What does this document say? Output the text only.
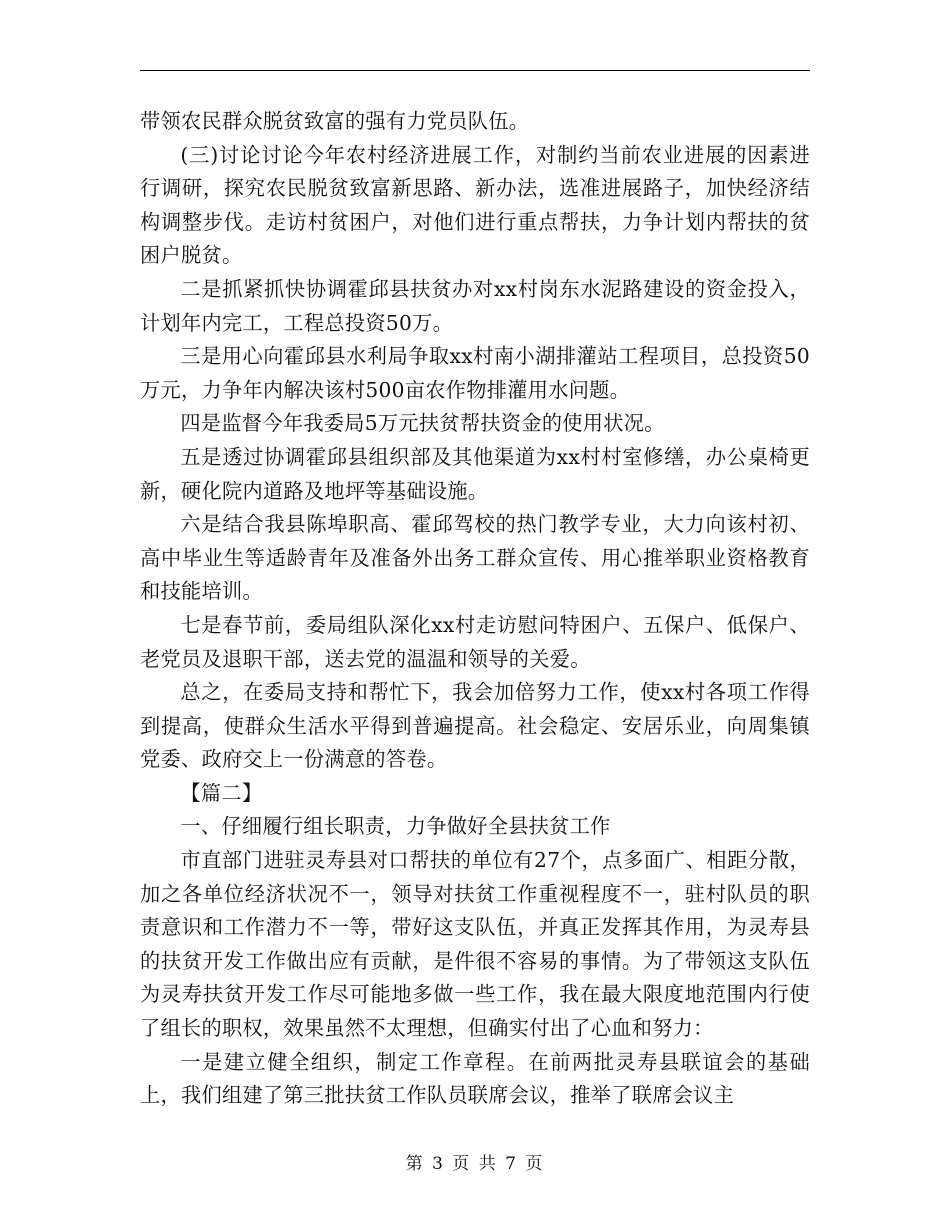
带领农民群众脱贫致富的强有力党员队伍。

(三)讨论讨论今年农村经济进展工作，对制约当前农业进展的因素进行调研，探究农民脱贫致富新思路、新办法，选准进展路子，加快经济结构调整步伐。走访村贫困户，对他们进行重点帮扶，力争计划内帮扶的贫困户脱贫。

二是抓紧抓快协调霍邱县扶贫办对xx村岗东水泥路建设的资金投入，计划年内完工，工程总投资50万。

三是用心向霍邱县水利局争取xx村南小湖排灌站工程项目，总投资50万元，力争年内解决该村500亩农作物排灌用水问题。

四是监督今年我委局5万元扶贫帮扶资金的使用状况。

五是透过协调霍邱县组织部及其他渠道为xx村村室修缮，办公桌椅更新，硬化院内道路及地坪等基础设施。

六是结合我县陈埠职高、霍邱驾校的热门教学专业，大力向该村初、高中毕业生等适龄青年及准备外出务工群众宣传、用心推举职业资格教育和技能培训。

七是春节前，委局组队深化xx村走访慰问特困户、五保户、低保户、老党员及退职干部，送去党的温温和领导的关爱。

总之，在委局支持和帮忙下，我会加倍努力工作，使xx村各项工作得到提高，使群众生活水平得到普遍提高。社会稳定、安居乐业，向周集镇党委、政府交上一份满意的答卷。

【篇二】

一、仔细履行组长职责，力争做好全县扶贫工作

市直部门进驻灵寿县对口帮扶的单位有27个，点多面广、相距分散，加之各单位经济状况不一，领导对扶贫工作重视程度不一，驻村队员的职责意识和工作潜力不一等，带好这支队伍，并真正发挥其作用，为灵寿县的扶贫开发工作做出应有贡献，是件很不容易的事情。为了带领这支队伍为灵寿扶贫开发工作尽可能地多做一些工作，我在最大限度地范围内行使了组长的职权，效果虽然不太理想，但确实付出了心血和努力：

一是建立健全组织，制定工作章程。在前两批灵寿县联谊会的基础上，我们组建了第三批扶贫工作队员联席会议，推举了联席会议主

第 3 页 共 7 页
